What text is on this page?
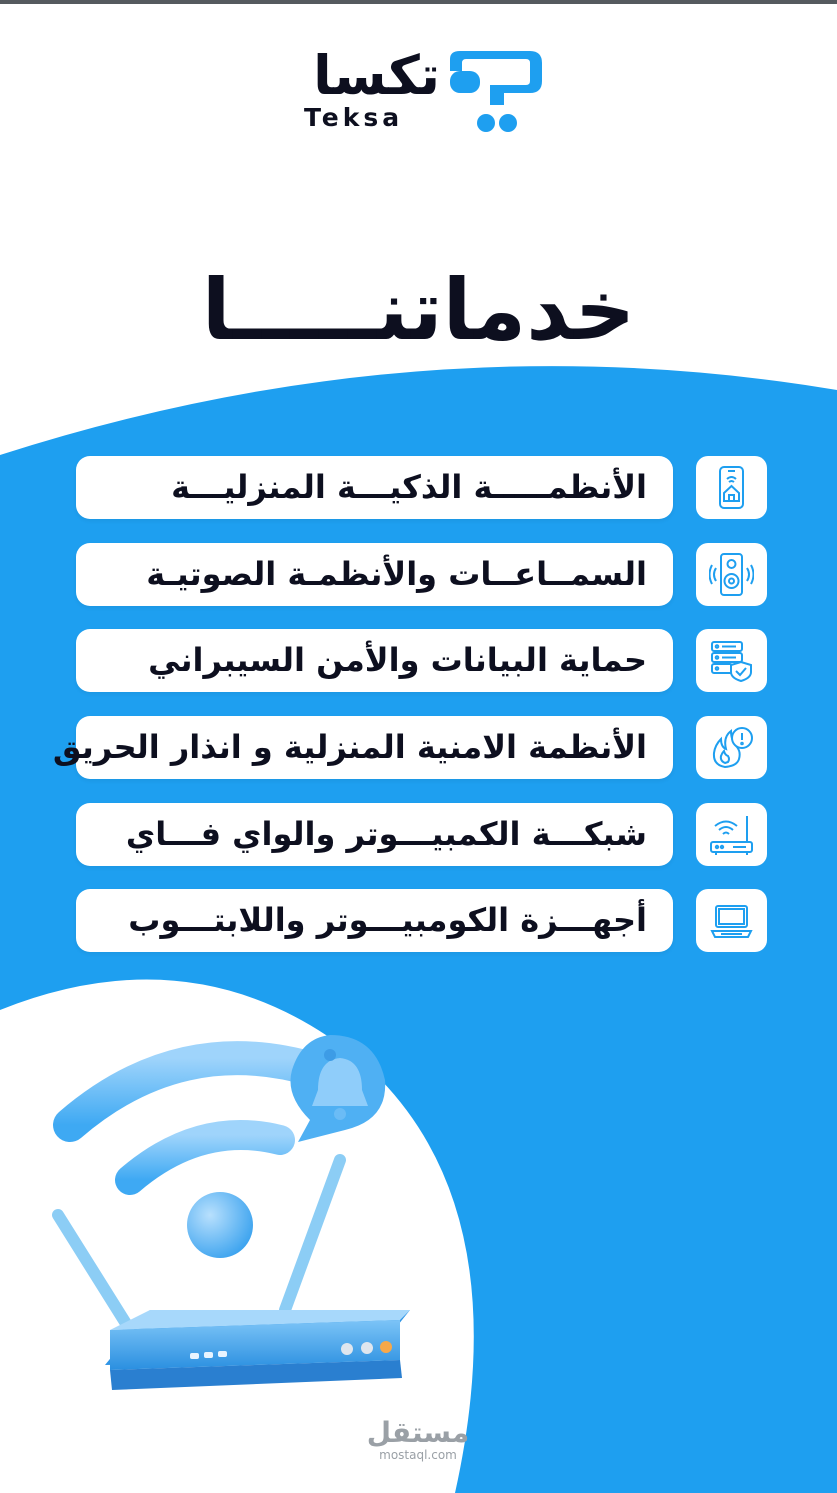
تكسا
Teksa
خدماتنـــــا
الأنظمـــــة الذكيـــة المنزليـــة
السمــاعــات والأنظمـة الصوتيـة
حماية البيانات والأمن السيبراني
الأنظمة الامنية المنزلية و انذار الحريق
شبكـــة الكمبيـــوتر والواي فـــاي
أجهـــزة الكومبيـــوتر واللابتـــوب
مستقل
mostaql.com
